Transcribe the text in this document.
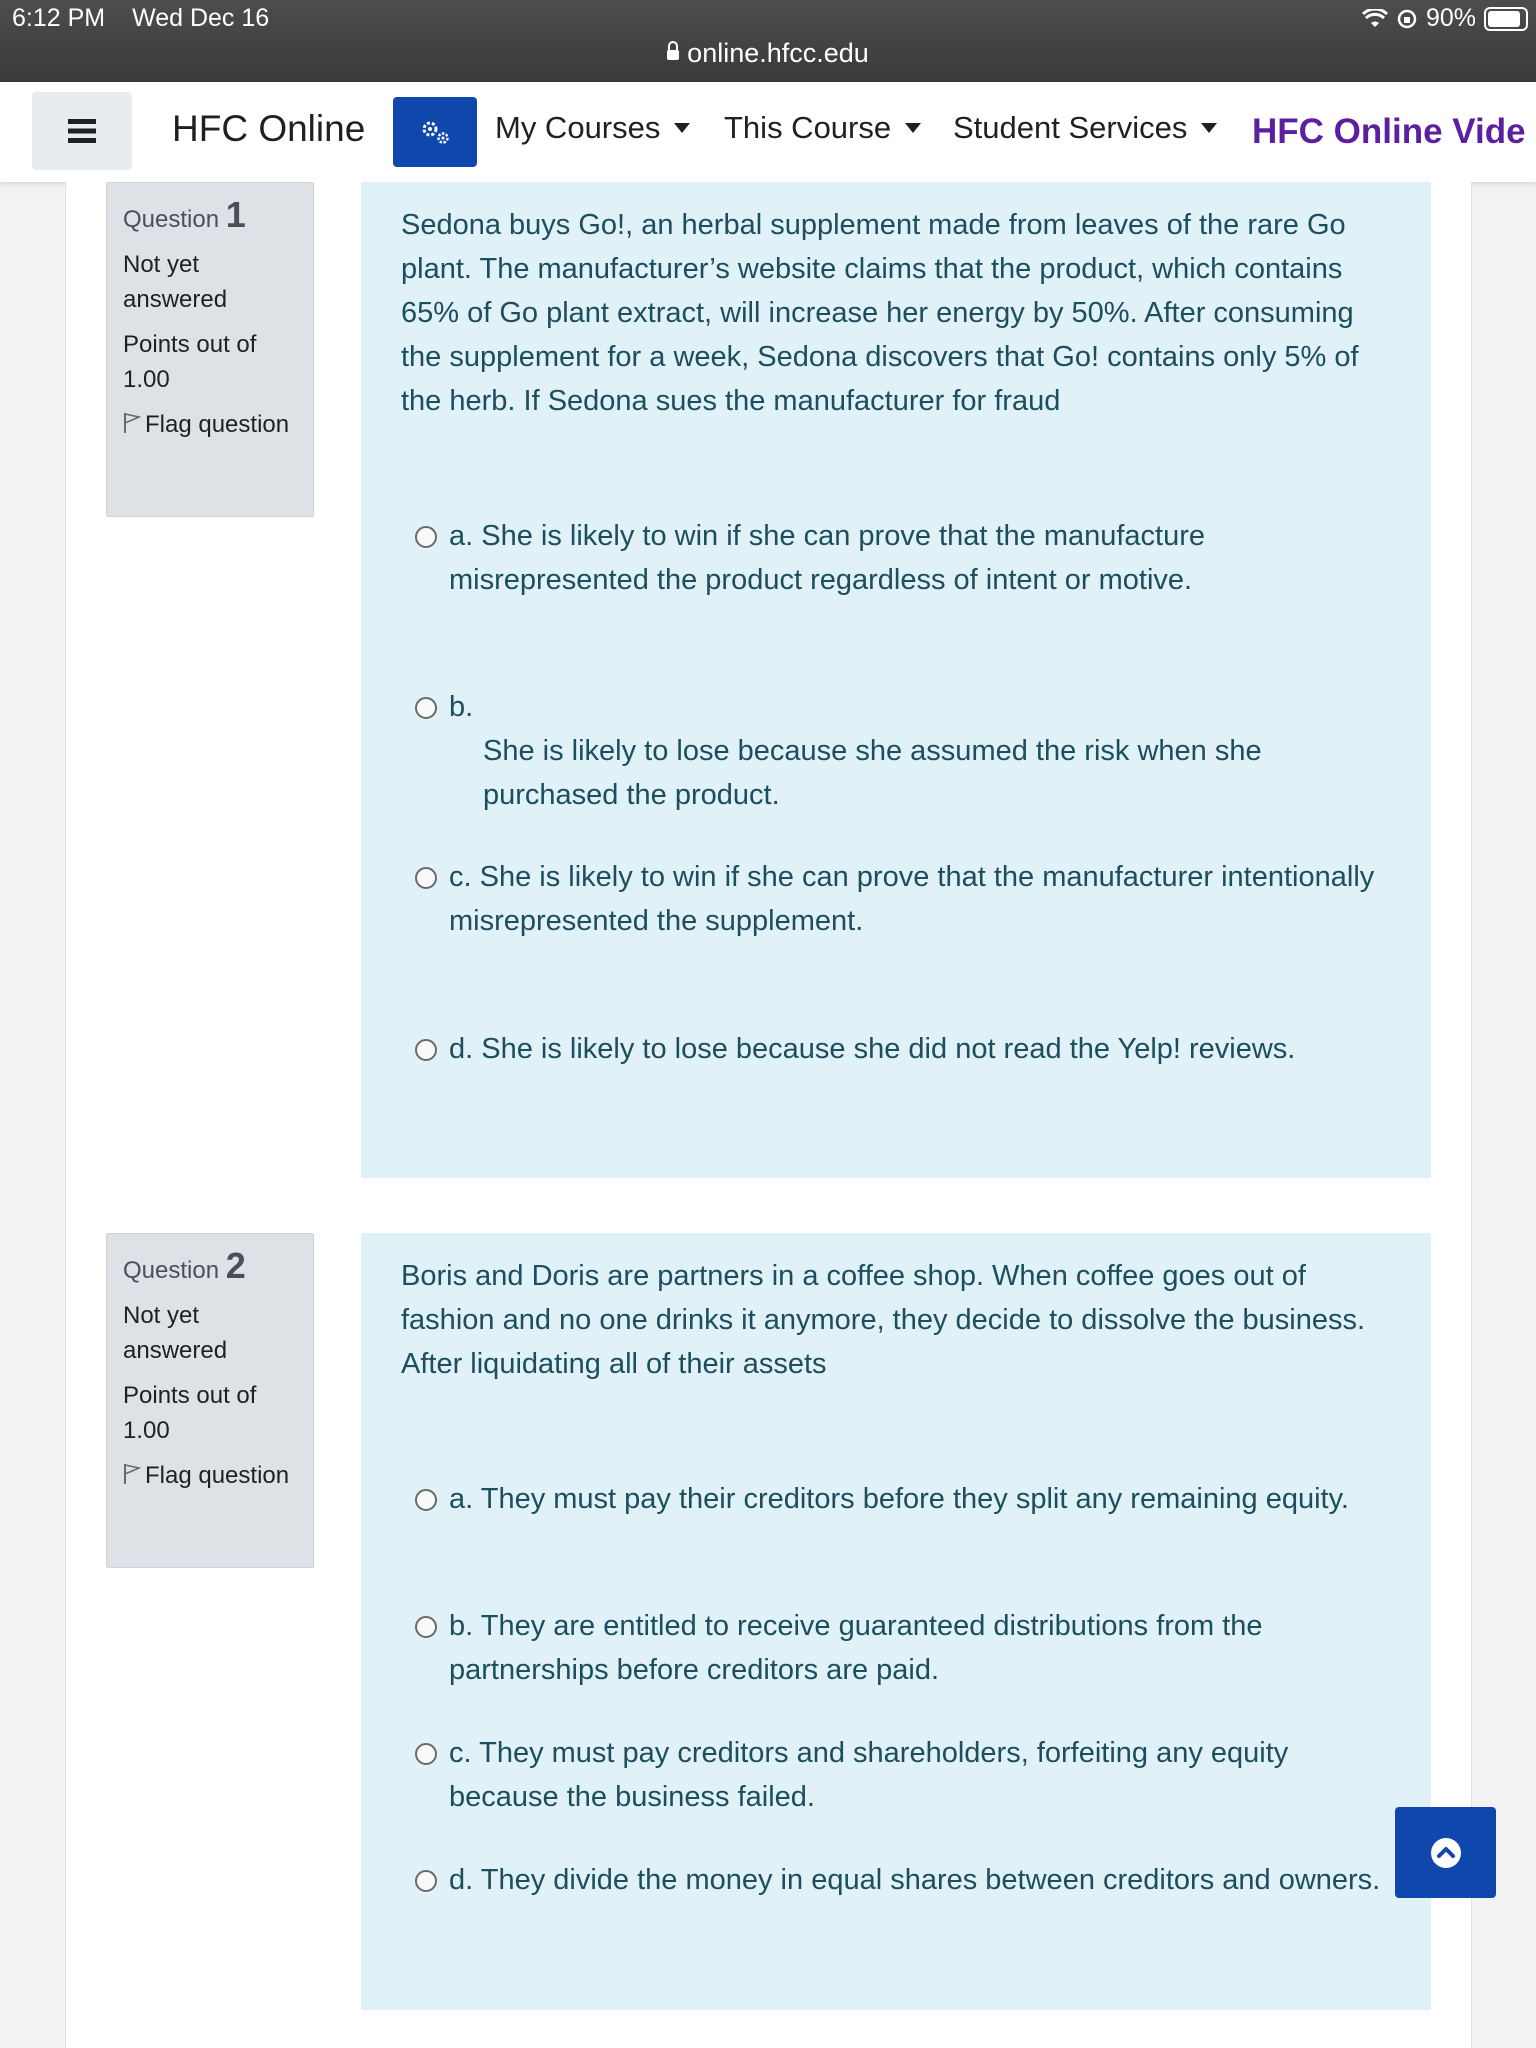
6:12 PM Wed Dec 16	90%
online.hfcc.edu
HFC Online	My Courses	This Course	Student Services	HFC Online Vide
Question 1

Not yet answered

Points out of 1.00

Flag question

Sedona buys Go!, an herbal supplement made from leaves of the rare Go plant. The manufacturer’s website claims that the product, which contains 65% of Go plant extract, will increase her energy by 50%. After consuming the supplement for a week, Sedona discovers that Go! contains only 5% of the herb. If Sedona sues the manufacturer for fraud
a. She is likely to win if she can prove that the manufacture misrepresented the product regardless of intent or motive.
b.
She is likely to lose because she assumed the risk when she purchased the product.
c. She is likely to win if she can prove that the manufacturer intentionally misrepresented the supplement.
d. She is likely to lose because she did not read the Yelp! reviews.
Question 2

Not yet answered

Points out of 1.00

Flag question

Boris and Doris are partners in a coffee shop. When coffee goes out of fashion and no one drinks it anymore, they decide to dissolve the business. After liquidating all of their assets
a. They must pay their creditors before they split any remaining equity.
b. They are entitled to receive guaranteed distributions from the partnerships before creditors are paid.
c. They must pay creditors and shareholders, forfeiting any equity because the business failed.
d. They divide the money in equal shares between creditors and owners.
